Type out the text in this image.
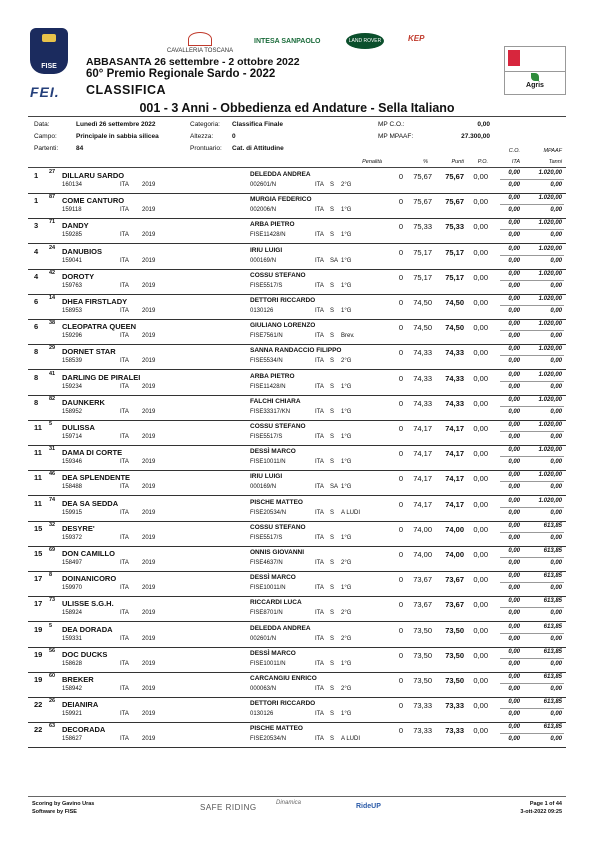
FISE
FEI.
ABBASANTA 26 settembre - 2 ottobre 2022
60° Premio Regionale Sardo - 2022
CLASSIFICA
CAVALLERIA TOSCANA
INTESA SANPAOLO	LAND ROVER	KEP
Agris
001 - 3 Anni - Obbedienza ed Andature - Sella Italiano
Data:	Lunedì 26 settembre 2022	Categoria: Classifica Finale	MP C.O.:	0,00
Campo:	Principale in sabbia silicea	Altezza:	0	MP MPAAF:	27.300,00
Partenti:	84	Prontuario: Cat. di Attitudine
Penalità	%	Punti	P.O.
C.O.	MPAAF
ITA	Tanni
1	27 DILLARU SARDO
160134	ITA 2019
DELEDDA ANDREA
002601/N	ITA S 2°G
0	75,67	75,67	0,00	0,00	1.020,00
0,00	0,00
1	87 COME CANTURO
159118	ITA 2019
MURGIA FEDERICO
002006/N	ITA S 1°G
0	75,67	75,67	0,00	0,00	1.020,00
0,00	0,00
3	71 DANDY
159285	ITA 2019
ARBA PIETRO
FISE11428/N	ITA S 1°G
0	75,33	75,33	0,00	0,00	1.020,00
0,00	0,00
4	24 DANUBIOS
159041	ITA 2019
IRIU LUIGI
000169/N	ITA SA 1°G
0	75,17	75,17	0,00	0,00	1.020,00
0,00	0,00
4	42 DOROTY
159763	ITA 2019
COSSU STEFANO
FISE5517/S	ITA S 1°G
0	75,17	75,17	0,00	0,00	1.020,00
0,00	0,00
6	14 DHEA FIRSTLADY
158953	ITA 2019
DETTORI RICCARDO
0130126	ITA S 1°G
0	74,50	74,50	0,00	0,00	1.020,00
0,00	0,00
6	38 CLEOPATRA QUEEN
159296	ITA 2019
GIULIANO LORENZO
FISE7561/N	ITA S Brev.
0	74,50	74,50	0,00	0,00	1.020,00
0,00	0,00
8	29 DORNET STAR
158539	ITA 2019
SANNA RANDACCIO FILIPPO
FISE5534/N	ITA S 2°G
0	74,33	74,33	0,00	0,00	1.020,00
0,00	0,00
8	41 DARLING DE PIRALEI
159234	ITA 2019
ARBA PIETRO
FISE11428/N	ITA S 1°G
0	74,33	74,33	0,00	0,00	1.020,00
0,00	0,00
8	82 DAUNKERK
158952	ITA 2019
FALCHI CHIARA
FISE33317/KN	ITA S 1°G
0	74,33	74,33	0,00	0,00	1.020,00
0,00	0,00
11	5 DULISSA
159714	ITA 2019
COSSU STEFANO
FISE5517/S	ITA S 1°G
0	74,17	74,17	0,00	0,00	1.020,00
0,00	0,00
11	31 DAMA DI CORTE
159346	ITA 2019
DESSÌ MARCO
FISE10011/N	ITA S 1°G
0	74,17	74,17	0,00	0,00	1.020,00
0,00	0,00
11	46 DEA SPLENDENTE
158488	ITA 2019
IRIU LUIGI
000169/N	ITA SA 1°G
0	74,17	74,17	0,00	0,00	1.020,00
0,00	0,00
11	74 DEA SA SEDDA
159915	ITA 2019
PISCHE MATTEO
FISE20534/N	ITA S A LUDI
0	74,17	74,17	0,00	0,00	1.020,00
0,00	0,00
15	32 DESYRE'
159372	ITA 2019
COSSU STEFANO
FISE5517/S	ITA S 1°G
0	74,00	74,00	0,00	0,00	613,85
0,00	0,00
15	69 DON CAMILLO
158497	ITA 2019
ONNIS GIOVANNI
FISE4637/N	ITA S 2°G
0	74,00	74,00	0,00	0,00	613,85
0,00	0,00
17	8 DOINANICORO
159970	ITA 2019
DESSÌ MARCO
FISE10011/N	ITA S 1°G
0	73,67	73,67	0,00	0,00	613,85
0,00	0,00
17	73 ULISSE S.G.H.
158924	ITA 2019
RICCARDI LUCA
FISE8701/N	ITA S 2°G
0	73,67	73,67	0,00	0,00	613,85
0,00	0,00
19	5 DEA DORADA
159331	ITA 2019
DELEDDA ANDREA
002601/N	ITA S 2°G
0	73,50	73,50	0,00	0,00	613,85
0,00	0,00
19	56 DOC DUCKS
158628	ITA 2019
DESSÌ MARCO
FISE10011/N	ITA S 1°G
0	73,50	73,50	0,00	0,00	613,85
0,00	0,00
19	60 BREKER
158942	ITA 2019
CARCANGIU ENRICO
000063/N	ITA S 2°G
0	73,50	73,50	0,00	0,00	613,85
0,00	0,00
22	26 DEIANIRA
159921	ITA 2019
DETTORI RICCARDO
0130126	ITA S 1°G
0	73,33	73,33	0,00	0,00	613,85
0,00	0,00
22	63 DECORADA
158627	ITA 2019
PISCHE MATTEO
FISE20534/N	ITA S A LUDI
0	73,33	73,33	0,00	0,00	613,85
0,00	0,00
Scoring by Gavino Uras
Software by FISE	SAFE RIDING	Dinamica	RideUP	Page 1 of 44
3-ott-2022 09:25
